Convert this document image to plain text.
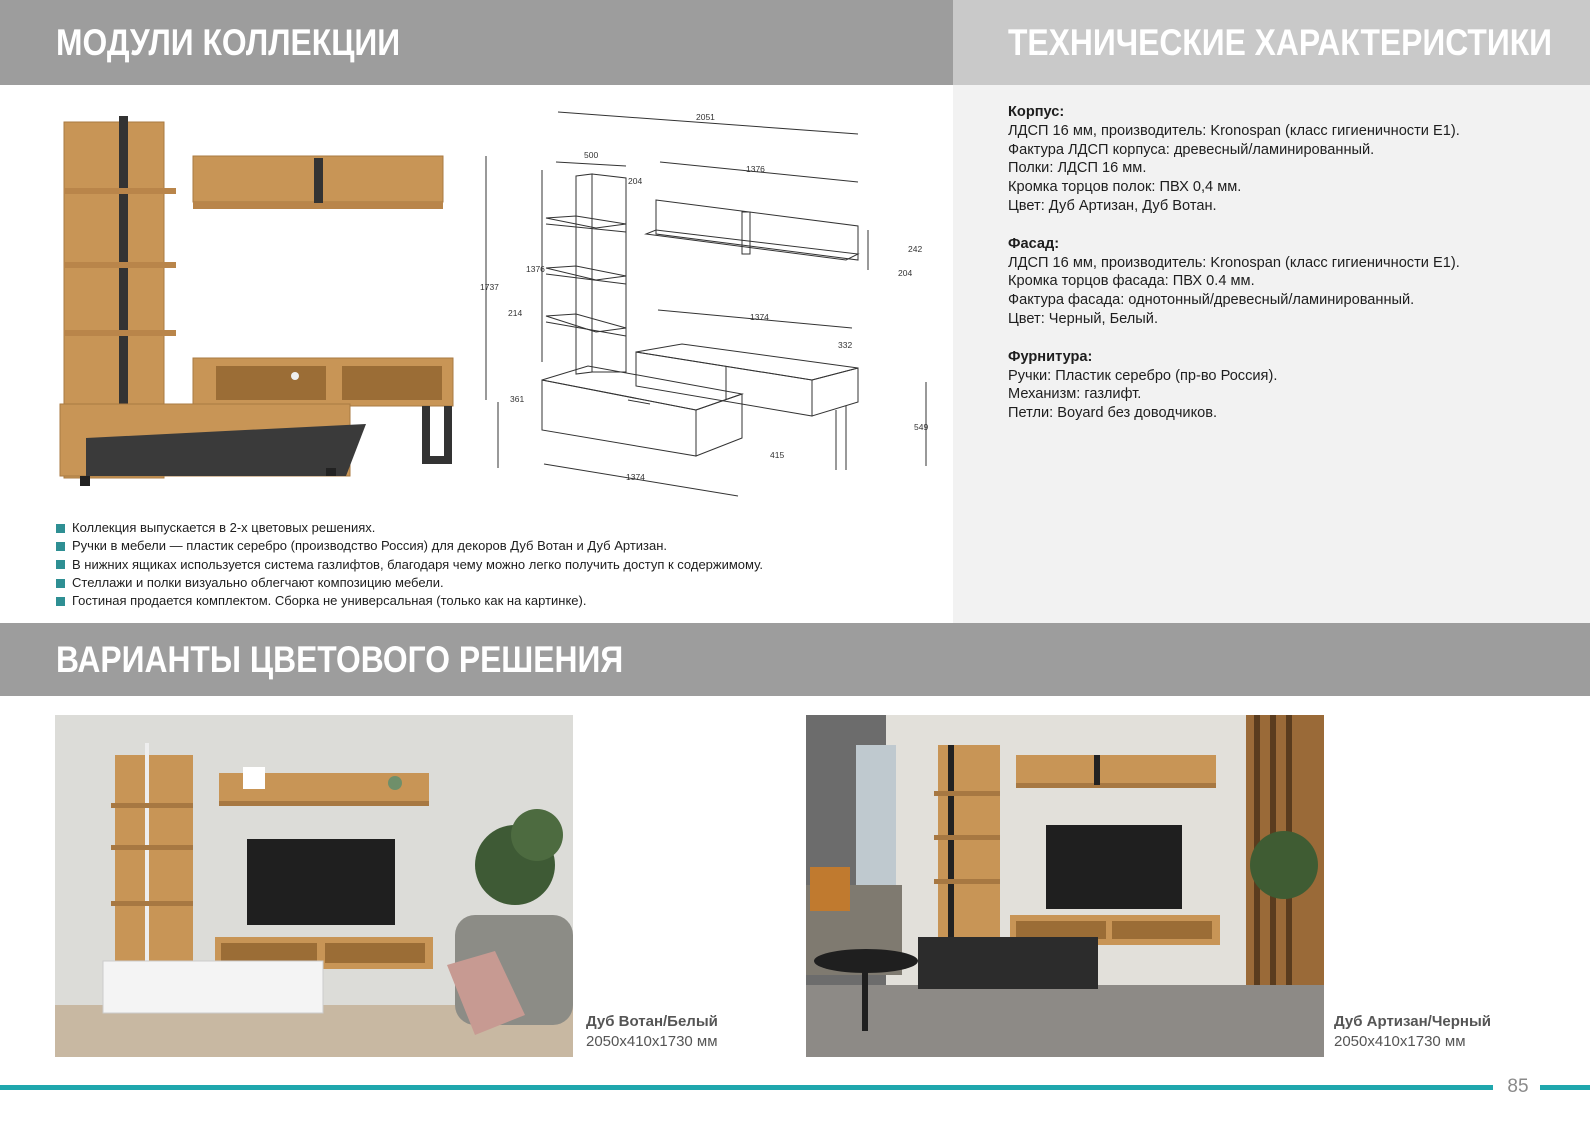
МОДУЛИ КОЛЛЕКЦИИ	ТЕХНИЧЕСКИЕ ХАРАКТЕРИСТИКИ
Корпус:
ЛДСП 16 мм, производитель: Kronospan (класс гигиеничности Е1).
Фактура ЛДСП корпуса: древесный/ламинированный.
Полки: ЛДСП 16 мм.
Кромка торцов полок: ПВХ 0,4 мм.
Цвет: Дуб Артизан, Дуб Вотан.
Фасад:
ЛДСП 16 мм, производитель: Kronospan (класс гигиеничности Е1).
Кромка торцов фасада: ПВХ 0.4 мм.
Фактура фасада: однотонный/древесный/ламинированный.
Цвет: Черный, Белый.
Фурнитура:
Ручки: Пластик серебро (пр-во Россия).
Механизм: газлифт.
Петли: Boyard без доводчиков.
2051
500
204
1376
242
204
1737
1376
214	1374
332
361
1374
415
549
Коллекция выпускается в 2-х цветовых решениях.
Ручки в мебели — пластик серебро (производство Россия) для декоров Дуб Вотан и Дуб Артизан.
В нижних ящиках используется система газлифтов, благодаря чему можно легко получить доступ к содержимому.
Стеллажи и полки визуально облегчают композицию мебели.
Гостиная продается комплектом. Сборка не универсальная (только как на картинке).
ВАРИАНТЫ ЦВЕТОВОГО РЕШЕНИЯ
Дуб Вотан/Белый
2050x410x1730 мм
Дуб Артизан/Черный
2050x410x1730 мм
85
